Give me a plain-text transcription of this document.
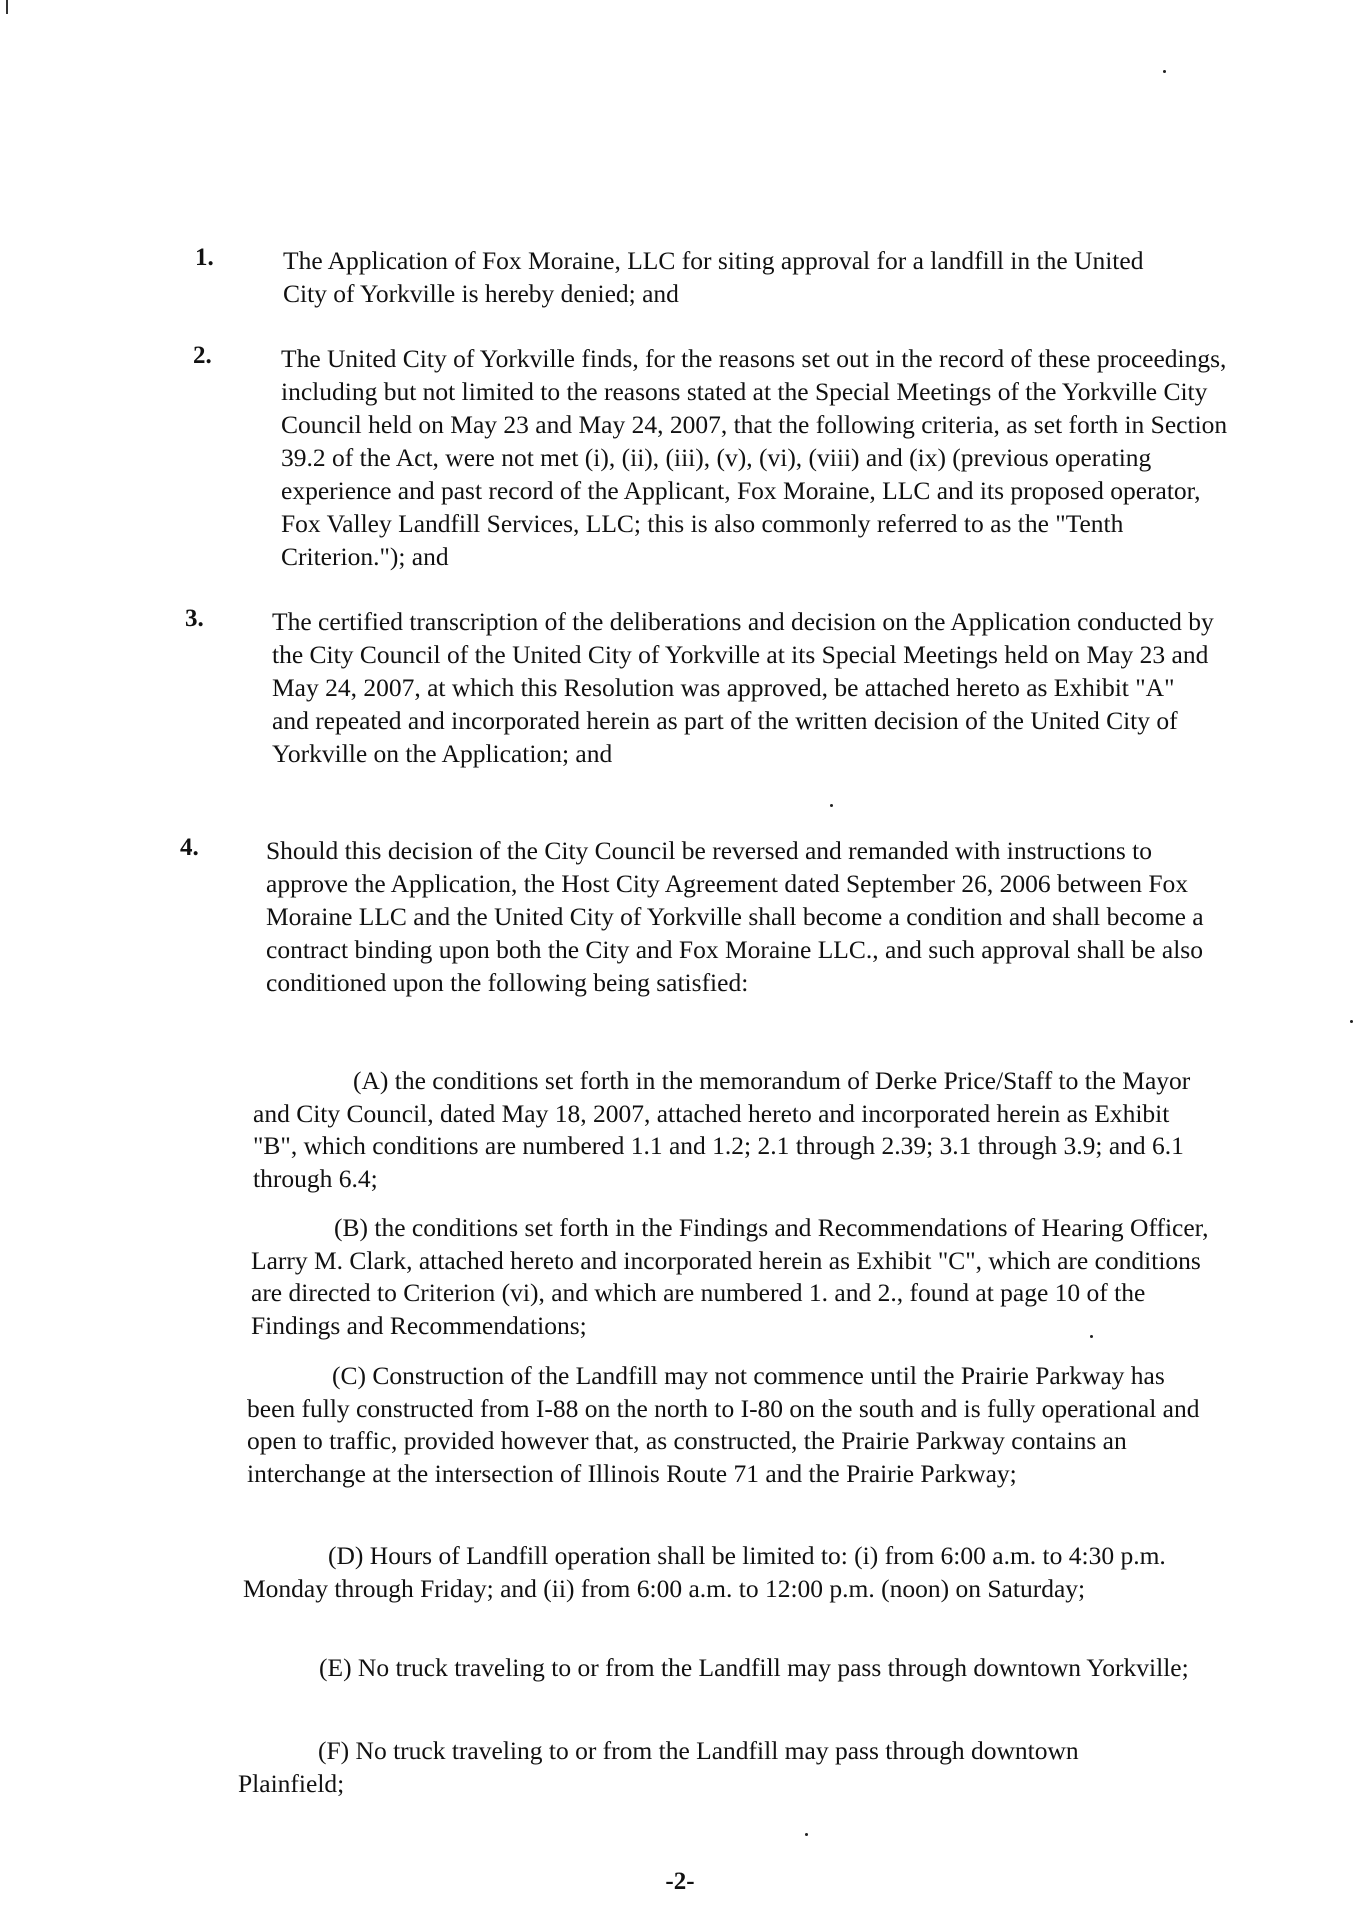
1.	The Application of Fox Moraine, LLC for siting approval for a landfill in the United City of Yorkville is hereby denied; and
2.	The United City of Yorkville finds, for the reasons set out in the record of these proceedings, including but not limited to the reasons stated at the Special Meetings of the Yorkville City Council held on May 23 and May 24, 2007, that the following criteria, as set forth in Section 39.2 of the Act, were not met (i), (ii), (iii), (v), (vi), (viii) and (ix) (previous operating experience and past record of the Applicant, Fox Moraine, LLC and its proposed operator, Fox Valley Landfill Services, LLC; this is also commonly referred to as the "Tenth Criterion."); and
3.	The certified transcription of the deliberations and decision on the Application conducted by the City Council of the United City of Yorkville at its Special Meetings held on May 23 and May 24, 2007, at which this Resolution was approved, be attached hereto as Exhibit "A" and repeated and incorporated herein as part of the written decision of the United City of Yorkville on the Application; and
4.	Should this decision of the City Council be reversed and remanded with instructions to approve the Application, the Host City Agreement dated September 26, 2006 between Fox Moraine LLC and the United City of Yorkville shall become a condition and shall become a contract binding upon both the City and Fox Moraine LLC., and such approval shall be also conditioned upon the following being satisfied:
(A) the conditions set forth in the memorandum of Derke Price/Staff to the Mayor and City Council, dated May 18, 2007, attached hereto and incorporated herein as Exhibit "B", which conditions are numbered 1.1 and 1.2; 2.1 through 2.39; 3.1 through 3.9; and 6.1 through 6.4;
(B) the conditions set forth in the Findings and Recommendations of Hearing Officer, Larry M. Clark, attached hereto and incorporated herein as Exhibit "C", which are conditions are directed to Criterion (vi), and which are numbered 1. and 2., found at page 10 of the Findings and Recommendations;
(C) Construction of the Landfill may not commence until the Prairie Parkway has been fully constructed from I-88 on the north to I-80 on the south and is fully operational and open to traffic, provided however that, as constructed, the Prairie Parkway contains an interchange at the intersection of Illinois Route 71 and the Prairie Parkway;
(D) Hours of Landfill operation shall be limited to: (i) from 6:00 a.m. to 4:30 p.m. Monday through Friday; and (ii) from 6:00 a.m. to 12:00 p.m. (noon) on Saturday;
(E) No truck traveling to or from the Landfill may pass through downtown Yorkville;
(F) No truck traveling to or from the Landfill may pass through downtown Plainfield;
-2-
